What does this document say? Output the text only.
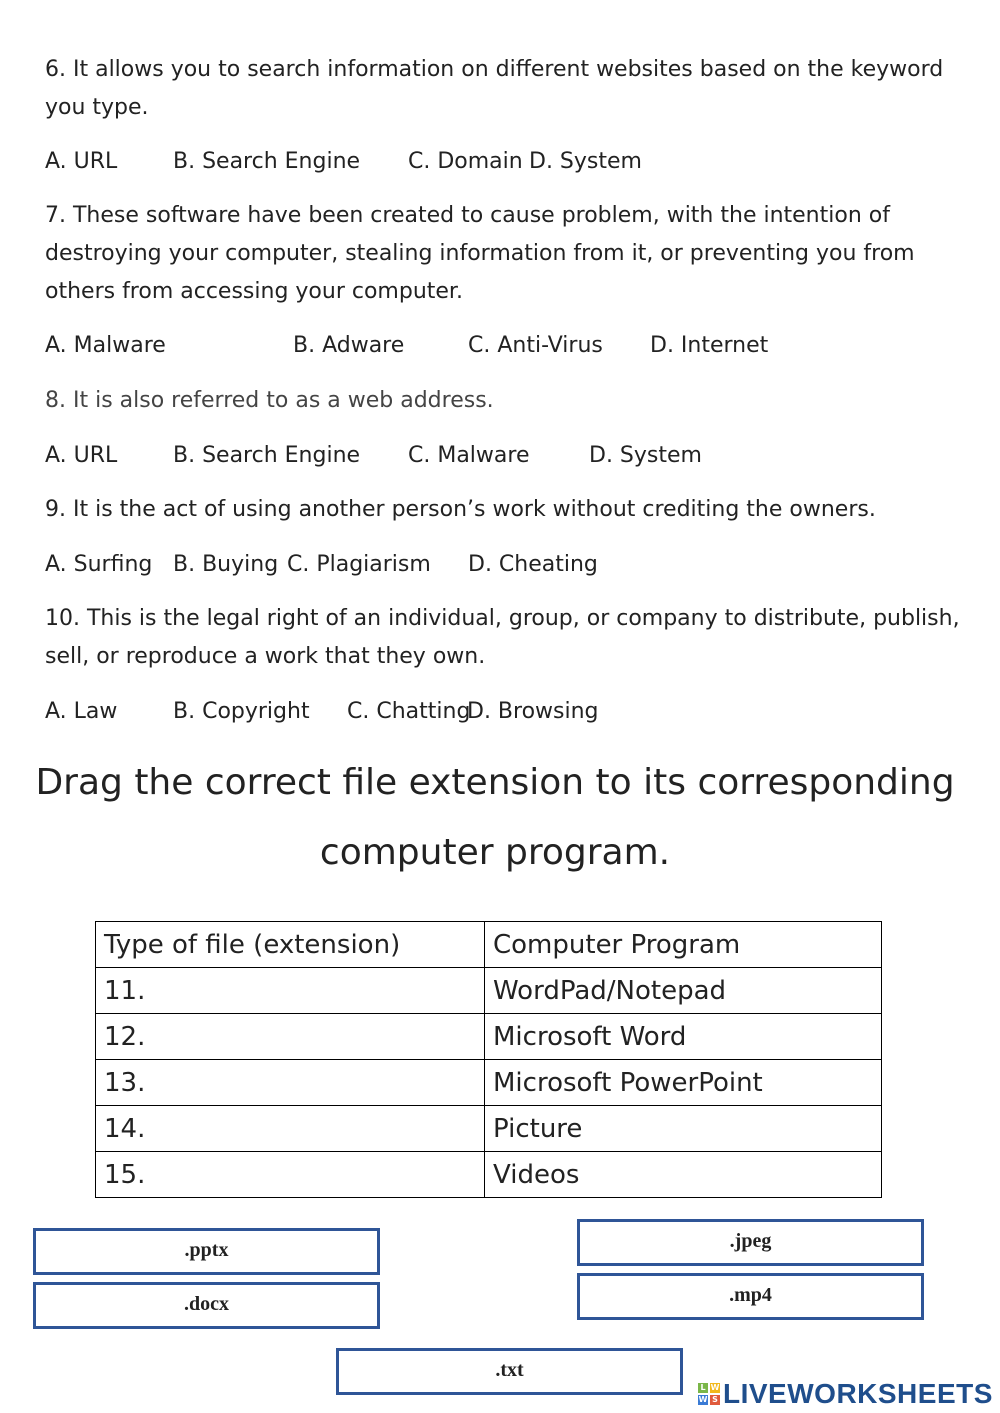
6. It allows you to search information on different websites based on the keyword
you type.
A. URL	B. Search Engine C. Domain D. System
7. These software have been created to cause problem, with the intention of
destroying your computer, stealing information from it, or preventing you from
others from accessing your computer.
A. Malware	B. Adware	C. Anti-Virus D. Internet
8. It is also referred to as a web address.
A. URL	B. Search Engine C. Malware	D. System
9. It is the act of using another person’s work without crediting the owners.
A. Surfing B. Buying C. Plagiarism D. Cheating
10. This is the legal right of an individual, group, or company to distribute, publish,
sell, or reproduce a work that they own.
A. Law	B. Copyright C. Chatting
D. Browsing
Drag the correct file extension to its corresponding
computer program.
Type of file (extension)	Computer Program
11.	WordPad/Notepad
12.	Microsoft Word
13.	Microsoft PowerPoint
14.	Picture
15.	Videos
.pptx
.docx
.jpeg
.mp4
.txt
L W
W S LIVEWORKSHEETS
